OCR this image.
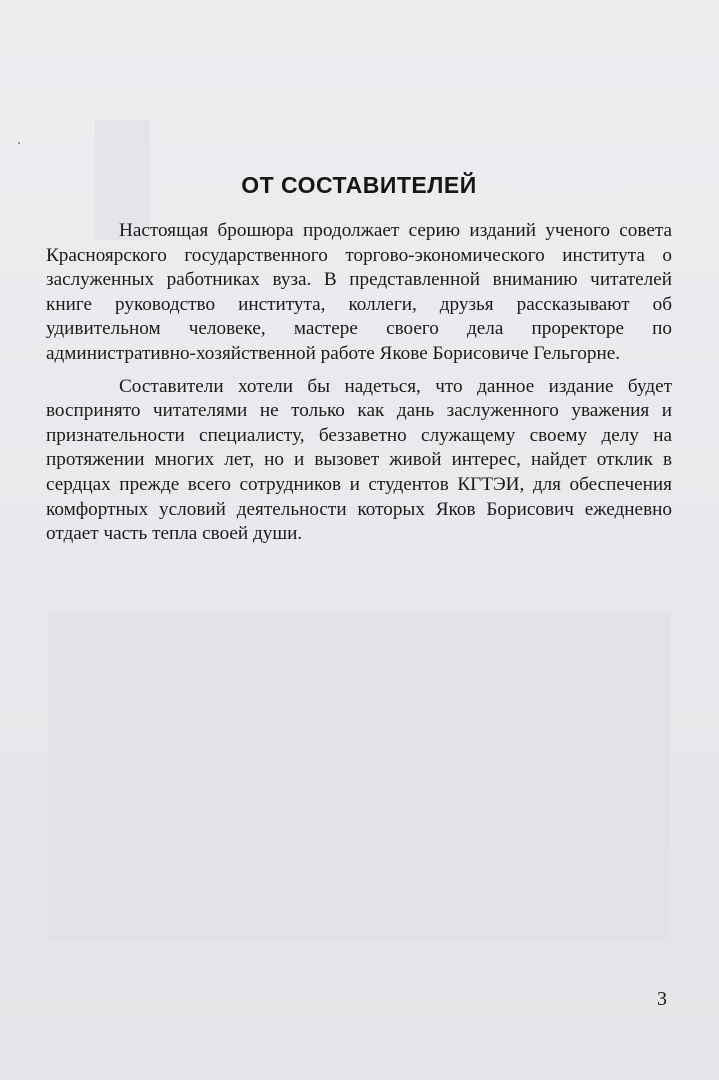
ОТ СОСТАВИТЕЛЕЙ

Настоящая брошюра продолжает серию изданий ученого совета Красноярского государственного торгово-экономического института о заслуженных работниках вуза. В представленной вниманию читателей книге руководство института, коллеги, друзья рассказывают об удивительном человеке, мастере своего дела проректоре по административно-хозяйственной работе Якове Борисовиче Гельгорне.

Составители хотели бы надеться, что данное издание будет воспринято читателями не только как дань заслуженного уважения и признательности специалисту, беззаветно служащему своему делу на протяжении многих лет, но и вызовет живой интерес, найдет отклик в сердцах прежде всего сотрудников и студентов КГТЭИ, для обеспечения комфортных условий деятельности которых Яков Борисович ежедневно отдает часть тепла своей души.

3
